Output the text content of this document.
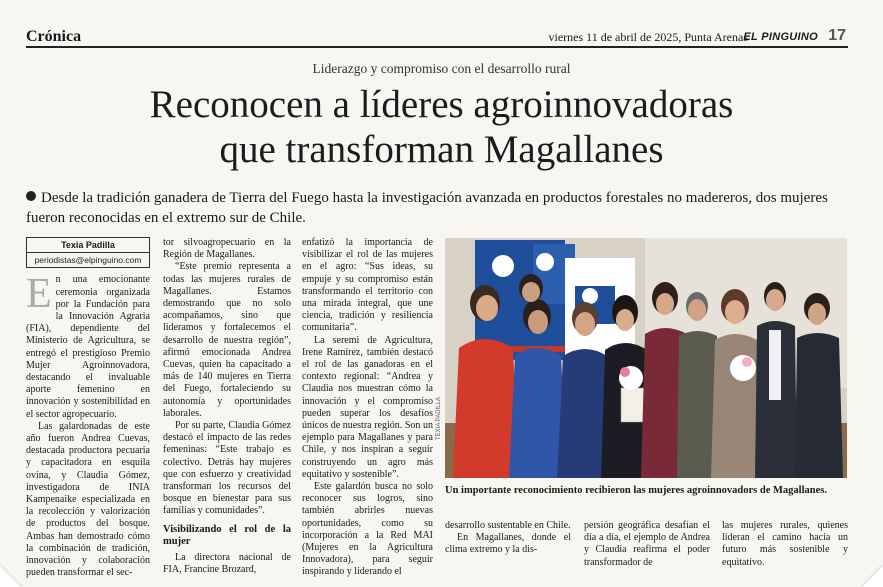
Crónica	viernes 11 de abril de 2025, Punta Arenas
EL PINGUINO 17
Liderazgo y compromiso con el desarrollo rural
Reconocen a líderes agroinnovadoras
que transforman Magallanes
Desde la tradición ganadera de Tierra del Fuego hasta la investigación avanzada en productos forestales no madereros, dos mujeres fueron reconocidas en el extremo sur de Chile.
Texia Padilla
periodistas@elpinguino.com

En una emocionante ceremonia organizada por la Fundación para la Innovación Agraria (FIA), dependiente del Ministerio de Agricultura, se entregó el prestigioso Premio Mujer Agroinnovadora, destacando el invaluable aporte femenino en innovación y sostenibilidad en el sector agropecuario.

Las galardonadas de este año fueron Andrea Cuevas, destacada productora pecuaria y capacitadora en esquila ovina, y Claudia Gómez, investigadora de INIA Kampenaike especializada en la recolección y valorización de productos del bosque. Ambas han demostrado cómo la combinación de tradición, innovación y colaboración pueden transformar el sec-

tor silvoagropecuario en la Región de Magallanes.

“Este premio representa a todas las mujeres rurales de Magallanes. Estamos demostrando que no solo acompañamos, sino que lideramos y fortalecemos el desarrollo de nuestra región”, afirmó emocionada Andrea Cuevas, quien ha capacitado a más de 140 mujeres en Tierra del Fuego, fortaleciendo su autonomía y oportunidades laborales.

Por su parte, Claudia Gómez destacó el impacto de las redes femeninas: “Este trabajo es colectivo. Detrás hay mujeres que con esfuerzo y creatividad transforman los recursos del bosque en bienestar para sus familias y comunidades”.

Visibilizando el rol de la mujer

La directora nacional de FIA, Francine Brozard,

enfatizó la importancia de visibilizar el rol de las mujeres en el agro: “Sus ideas, su empuje y su compromiso están transformando el territorio con una mirada integral, que une ciencia, tradición y resiliencia comunitaria”.

La seremi de Agricultura, Irene Ramírez, también destacó el rol de las ganadoras en el contexto regional: “Andrea y Claudia nos muestran cómo la innovación y el compromiso pueden superar los desafíos únicos de nuestra región. Son un ejemplo para Magallanes y para Chile, y nos inspiran a seguir construyendo un agro más equitativo y sostenible”.

Este galardón busca no solo reconocer sus logros, sino también abrirles nuevas oportunidades, como su incorporación a la Red MAI (Mujeres en la Agricultura Innovadora), para seguir inspirando y liderando el

TEXIA PADILLA
Un importante reconocimiento recibieron las mujeres agroinnovadors de Magallanes.

desarrollo sustentable en Chile.

En Magallanes, donde el clima extremo y la dis-

persión geográfica desafían el día a día, el ejemplo de Andrea y Claudia reafirma el poder transformador de

las mujeres rurales, quienes lideran el camino hacia un futuro más sostenible y equitativo.
